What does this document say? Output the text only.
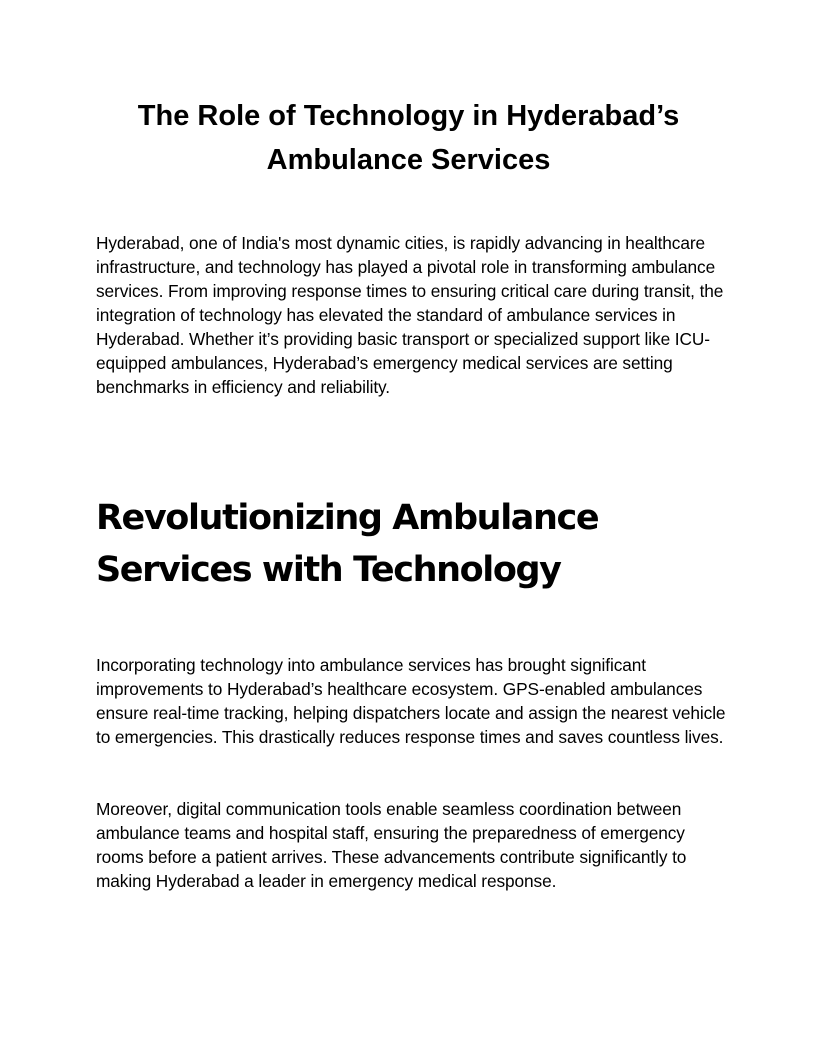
The Role of Technology in Hyderabad’s Ambulance Services

Hyderabad, one of India's most dynamic cities, is rapidly advancing in healthcare infrastructure, and technology has played a pivotal role in transforming ambulance services. From improving response times to ensuring critical care during transit, the integration of technology has elevated the standard of ambulance services in Hyderabad. Whether it’s providing basic transport or specialized support like ICU-equipped ambulances, Hyderabad’s emergency medical services are setting benchmarks in efficiency and reliability.

Revolutionizing Ambulance Services with Technology

Incorporating technology into ambulance services has brought significant improvements to Hyderabad’s healthcare ecosystem. GPS-enabled ambulances ensure real-time tracking, helping dispatchers locate and assign the nearest vehicle to emergencies. This drastically reduces response times and saves countless lives.

Moreover, digital communication tools enable seamless coordination between ambulance teams and hospital staff, ensuring the preparedness of emergency rooms before a patient arrives. These advancements contribute significantly to making Hyderabad a leader in emergency medical response.
